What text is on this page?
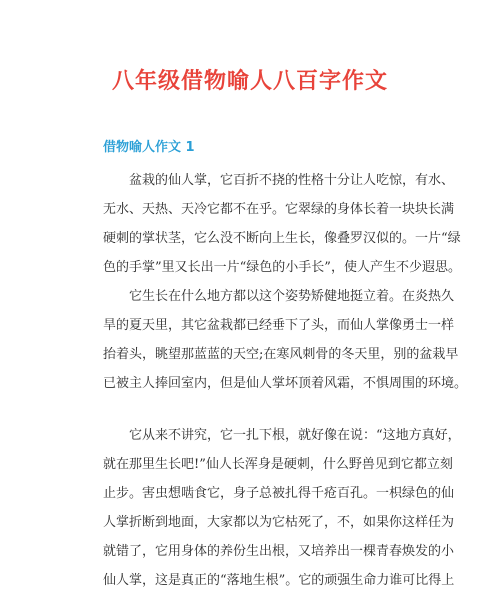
八年级借物喻人八百字作文
借物喻人作文 1
盆栽的仙人掌，它百折不挠的性格十分让人吃惊，有水、
无水、天热、天冷它都不在乎。它翠绿的身体长着一块块长满
硬刺的掌状茎，它么没不断向上生长，像叠罗汉似的。一片“绿
色的手掌”里又长出一片“绿色的小手长”，使人产生不少遐思。
它生长在什么地方都以这个姿势矫健地挺立着。在炎热久
旱的夏天里，其它盆栽都已经垂下了头，而仙人掌像勇士一样
抬着头，眺望那蓝蓝的天空;在寒风刺骨的冬天里，别的盆栽早
已被主人捧回室内，但是仙人掌坏顶着风霜，不惧周围的环境。
它从来不讲究，它一扎下根，就好像在说：“这地方真好，
就在那里生长吧!”仙人长浑身是硬刺，什么野兽见到它都立刻
止步。害虫想啮食它，身子总被扎得千疮百孔。一枳绿色的仙
人掌折断到地面，大家都以为它枯死了，不，如果你这样任为
就错了，它用身体的养份生出根，又培养出一棵青春焕发的小
仙人掌，这是真正的“落地生根”。它的顽强生命力谁可比得上
